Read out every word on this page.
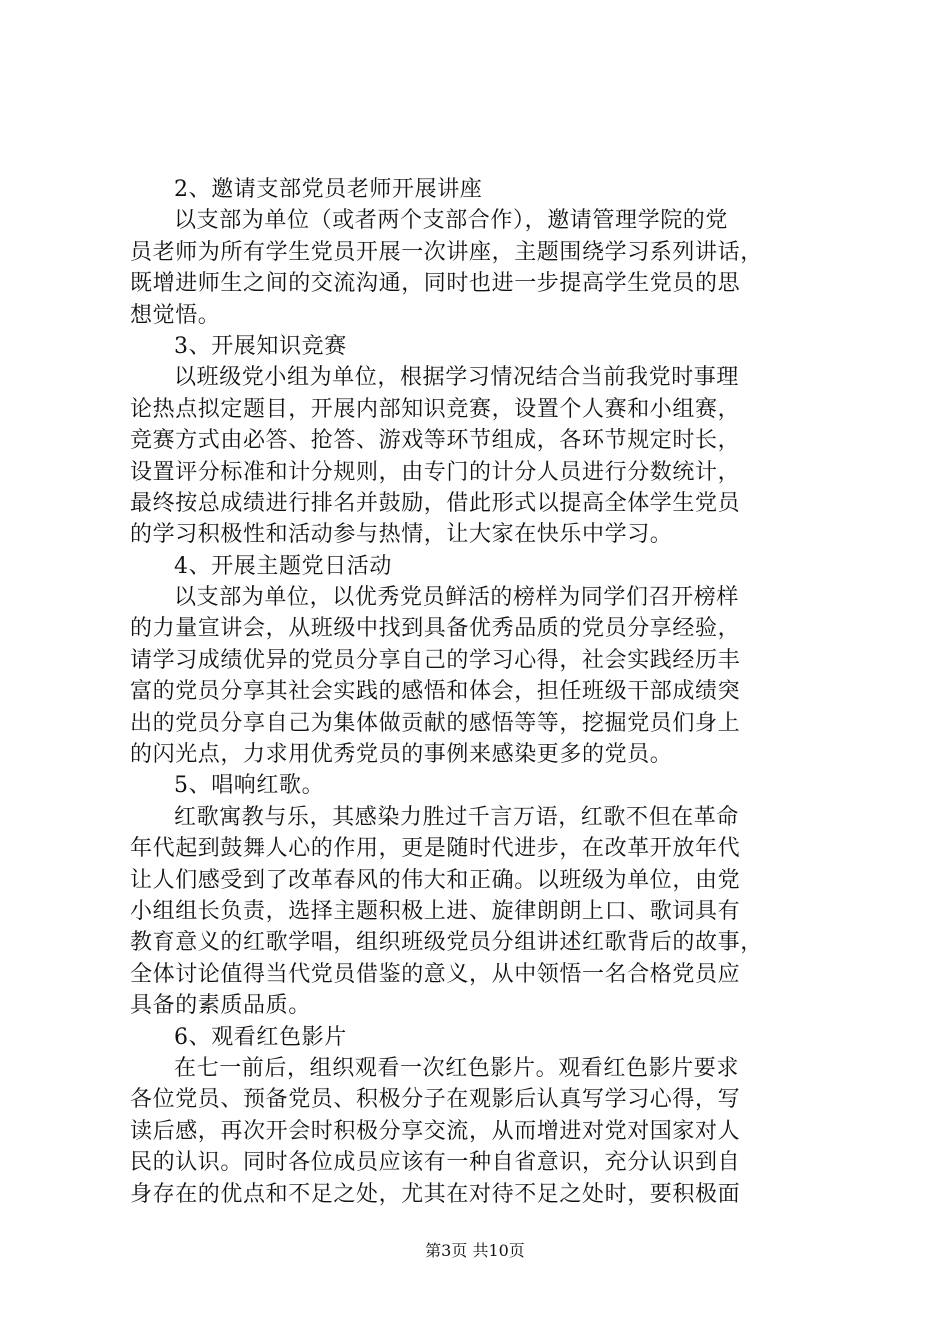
2、邀请支部党员老师开展讲座
以支部为单位（或者两个支部合作），邀请管理学院的党
员老师为所有学生党员开展一次讲座，主题围绕学习系列讲话，
既增进师生之间的交流沟通，同时也进一步提高学生党员的思
想觉悟。
3、开展知识竞赛
以班级党小组为单位，根据学习情况结合当前我党时事理
论热点拟定题目，开展内部知识竞赛，设置个人赛和小组赛，
竞赛方式由必答、抢答、游戏等环节组成，各环节规定时长，
设置评分标准和计分规则，由专门的计分人员进行分数统计，
最终按总成绩进行排名并鼓励，借此形式以提高全体学生党员
的学习积极性和活动参与热情，让大家在快乐中学习。
4、开展主题党日活动
以支部为单位，以优秀党员鲜活的榜样为同学们召开榜样
的力量宣讲会，从班级中找到具备优秀品质的党员分享经验，
请学习成绩优异的党员分享自己的学习心得，社会实践经历丰
富的党员分享其社会实践的感悟和体会，担任班级干部成绩突
出的党员分享自己为集体做贡献的感悟等等，挖掘党员们身上
的闪光点，力求用优秀党员的事例来感染更多的党员。
5、唱响红歌。
红歌寓教与乐，其感染力胜过千言万语，红歌不但在革命
年代起到鼓舞人心的作用，更是随时代进步，在改革开放年代
让人们感受到了改革春风的伟大和正确。以班级为单位，由党
小组组长负责，选择主题积极上进、旋律朗朗上口、歌词具有
教育意义的红歌学唱，组织班级党员分组讲述红歌背后的故事，
全体讨论值得当代党员借鉴的意义，从中领悟一名合格党员应
具备的素质品质。
6、观看红色影片
在七一前后，组织观看一次红色影片。观看红色影片要求
各位党员、预备党员、积极分子在观影后认真写学习心得，写
读后感，再次开会时积极分享交流，从而增进对党对国家对人
民的认识。同时各位成员应该有一种自省意识，充分认识到自
身存在的优点和不足之处，尤其在对待不足之处时，要积极面
第3页 共10页
